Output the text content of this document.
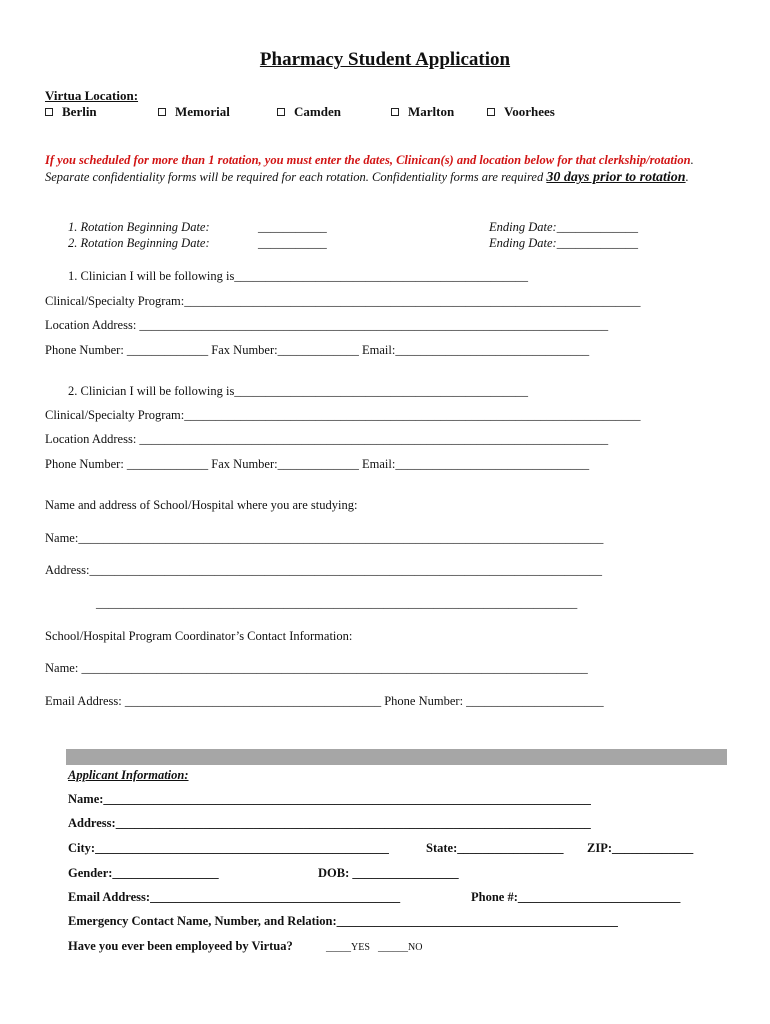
Pharmacy Student Application
Virtua Location:
Berlin	Memorial	Camden	Marlton	Voorhees
If you scheduled for more than 1 rotation, you must enter the dates, Clinican(s) and location below for that clerkship/rotation. Separate confidentiality forms will be required for each rotation. Confidentiality forms are required 30 days prior to rotation.
1. Rotation Beginning Date:	___________	Ending Date:_____________
2. Rotation Beginning Date:	___________	Ending Date:_____________
1. Clinician I will be following is_______________________________________________
Clinical/Specialty Program:_________________________________________________________________________
Location Address: ___________________________________________________________________________
Phone Number: _____________ Fax Number:_____________ Email:_______________________________
2. Clinician I will be following is_______________________________________________
Clinical/Specialty Program:_________________________________________________________________________
Location Address: ___________________________________________________________________________
Phone Number: _____________ Fax Number:_____________ Email:_______________________________
Name and address of School/Hospital where you are studying:
Name:____________________________________________________________________________________
Address:__________________________________________________________________________________
_____________________________________________________________________________
School/Hospital Program Coordinator’s Contact Information:
Name: _________________________________________________________________________________
Email Address: _________________________________________ Phone Number: ______________________
Applicant Information:
Name:______________________________________________________________________________
Address:____________________________________________________________________________
City:_______________________________________________	State:_________________ ZIP:_____________
Gender:_________________	DOB: _________________
Email Address:________________________________________	Phone #:__________________________
Emergency Contact Name, Number, and Relation:_____________________________________________
Have you ever been employeed by Virtua?	_____YES ______NO
